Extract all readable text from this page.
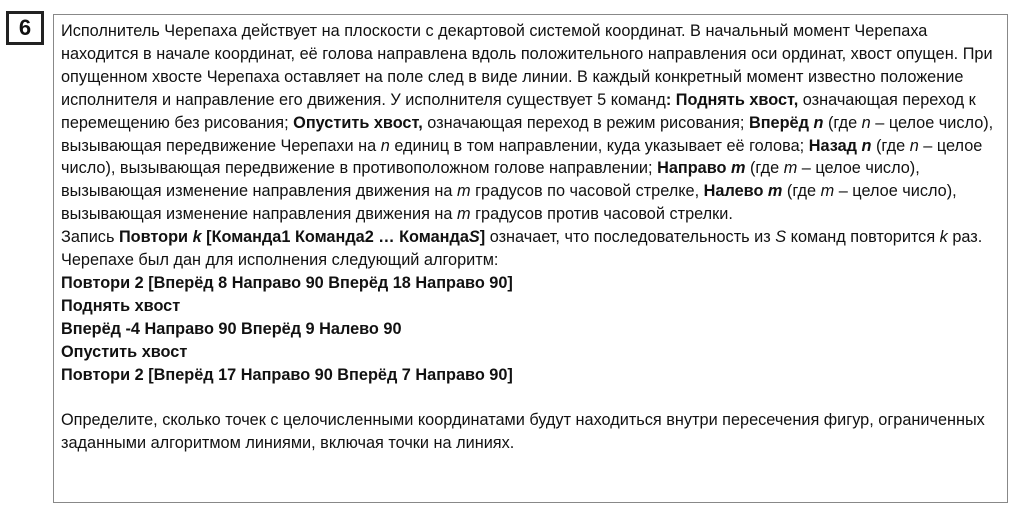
6	Исполнитель Черепаха действует на плоскости с декартовой системой координат. В начальный момент Черепаха находится в начале координат, её голова направлена вдоль положительного направления оси ординат, хвост опущен. При опущенном хвосте Черепаха оставляет на поле след в виде линии. В каждый конкретный момент известно положение исполнителя и направление его движения. У исполнителя существует 5 команд: Поднять хвост, означающая переход к перемещению без рисования; Опустить хвост, означающая переход в режим рисования; Вперёд n (где n – целое число), вызывающая передвижение Черепахи на n единиц в том направлении, куда указывает её голова; Назад n (где n – целое число), вызывающая передвижение в противоположном голове направлении; Направо m (где m – целое число), вызывающая изменение направления движения на m градусов по часовой стрелке, Налево m (где m – целое число), вызывающая изменение направления движения на m градусов против часовой стрелки.

Запись Повтори k [Команда1 Команда2 … КомандаS] означает, что последовательность из S команд повторится k раз.

Черепахе был дан для исполнения следующий алгоритм:

Повтори 2 [Вперёд 8 Направо 90 Вперёд 18 Направо 90]

Поднять хвост

Вперёд -4 Направо 90 Вперёд 9 Налево 90

Опустить хвост

Повтори 2 [Вперёд 17 Направо 90 Вперёд 7 Направо 90]

Определите, сколько точек с целочисленными координатами будут находиться внутри пересечения фигур, ограниченных заданными алгоритмом линиями, включая точки на линиях.
